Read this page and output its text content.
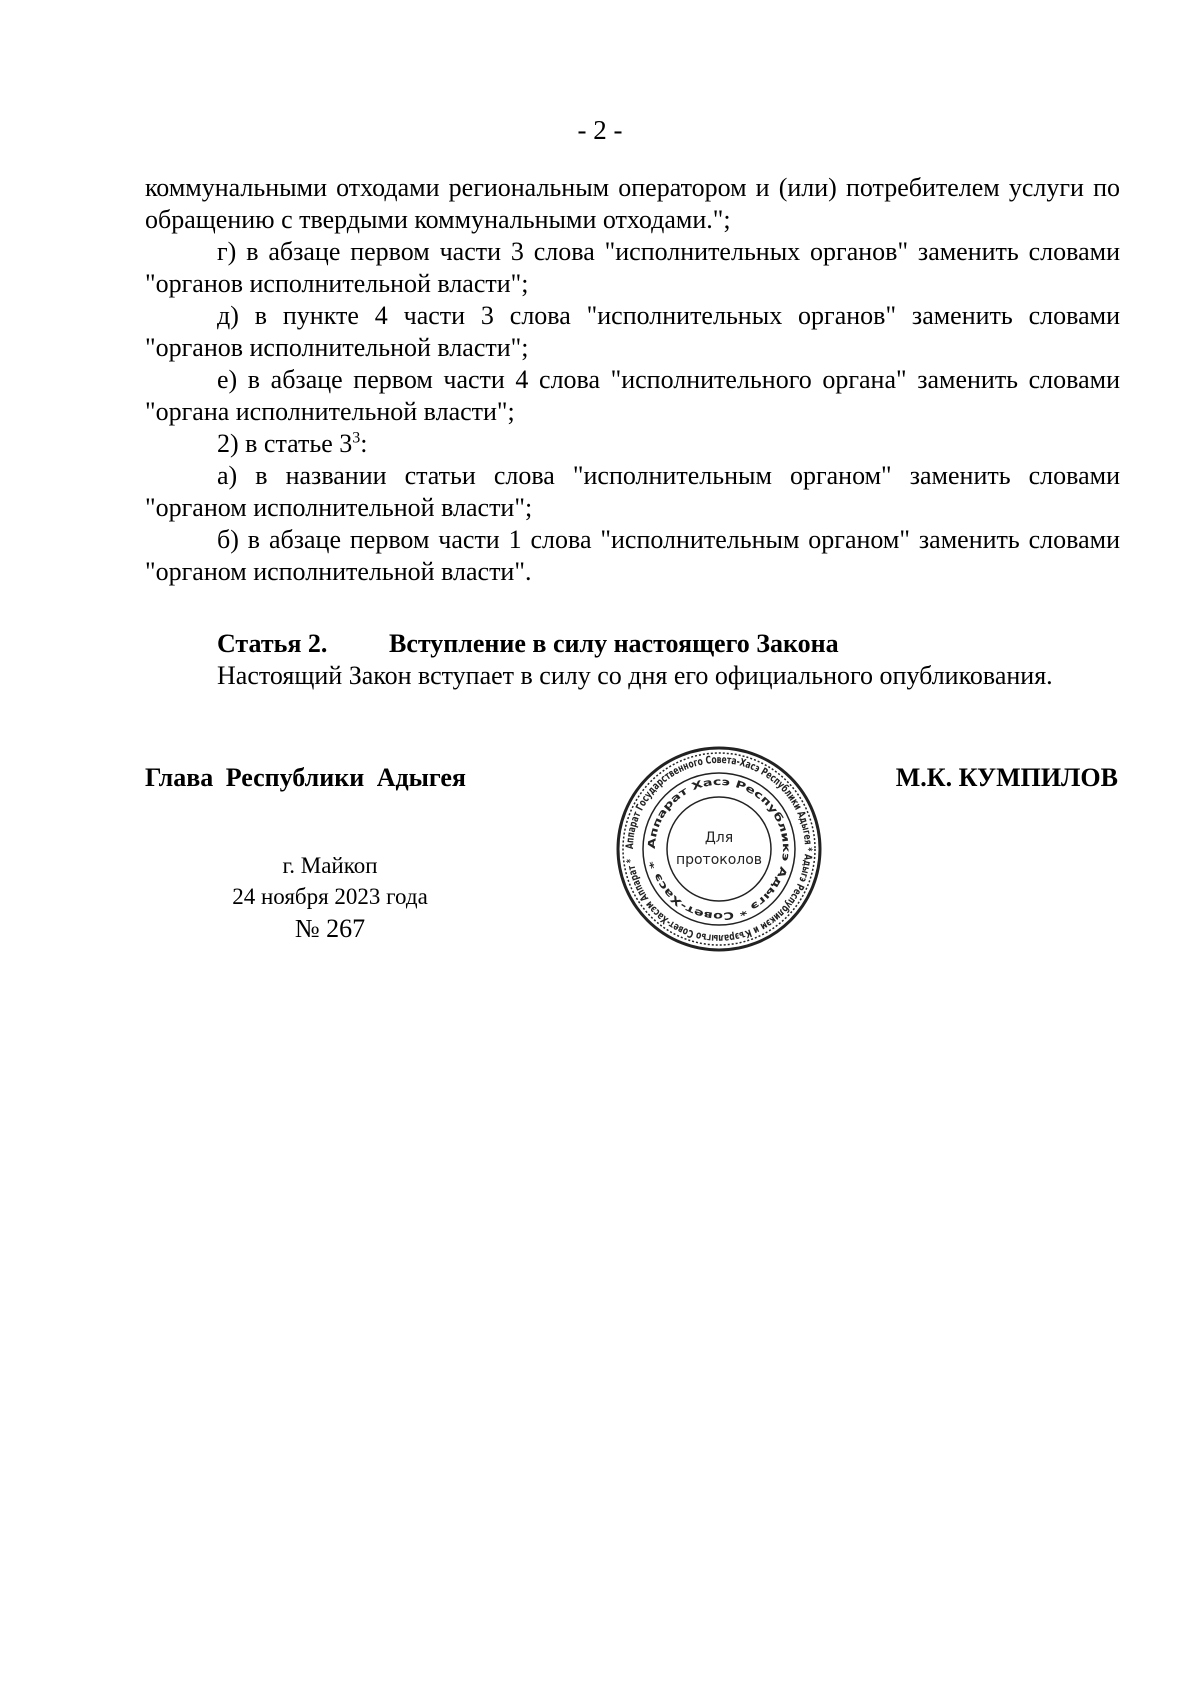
- 2 -

коммунальными отходами региональным оператором и (или) потребителем услуги по обращению с твердыми коммунальными отходами.";

г) в абзаце первом части 3 слова "исполнительных органов" заменить словами "органов исполнительной власти";

д) в пункте 4 части 3 слова "исполнительных органов" заменить словами "органов исполнительной власти";

е) в абзаце первом части 4 слова "исполнительного органа" заменить словами "органа исполнительной власти";

2) в статье $3^3$:

а) в названии статьи слова "исполнительным органом" заменить словами "органом исполнительной власти";

б) в абзаце первом части 1 слова "исполнительным органом" заменить словами "органом исполнительной власти".

Статья 2. Вступление в силу настоящего Закона

Настоящий Закон вступает в силу со дня его официального опубликования.

Глава Республики Адыгея	М.К. КУМПИЛОВ
г. Майкоп
24 ноября 2023 года
№ 267
Аппарат Государственного Совета-Хасэ Республики Адыгея * Адыгэ Республикэм и Къэралыгъо Совет-Хасэм Аппарат *
Аппарат Хасэ Республикэ Адыгэ * Совет-Хасэ *
Для
протоколов
